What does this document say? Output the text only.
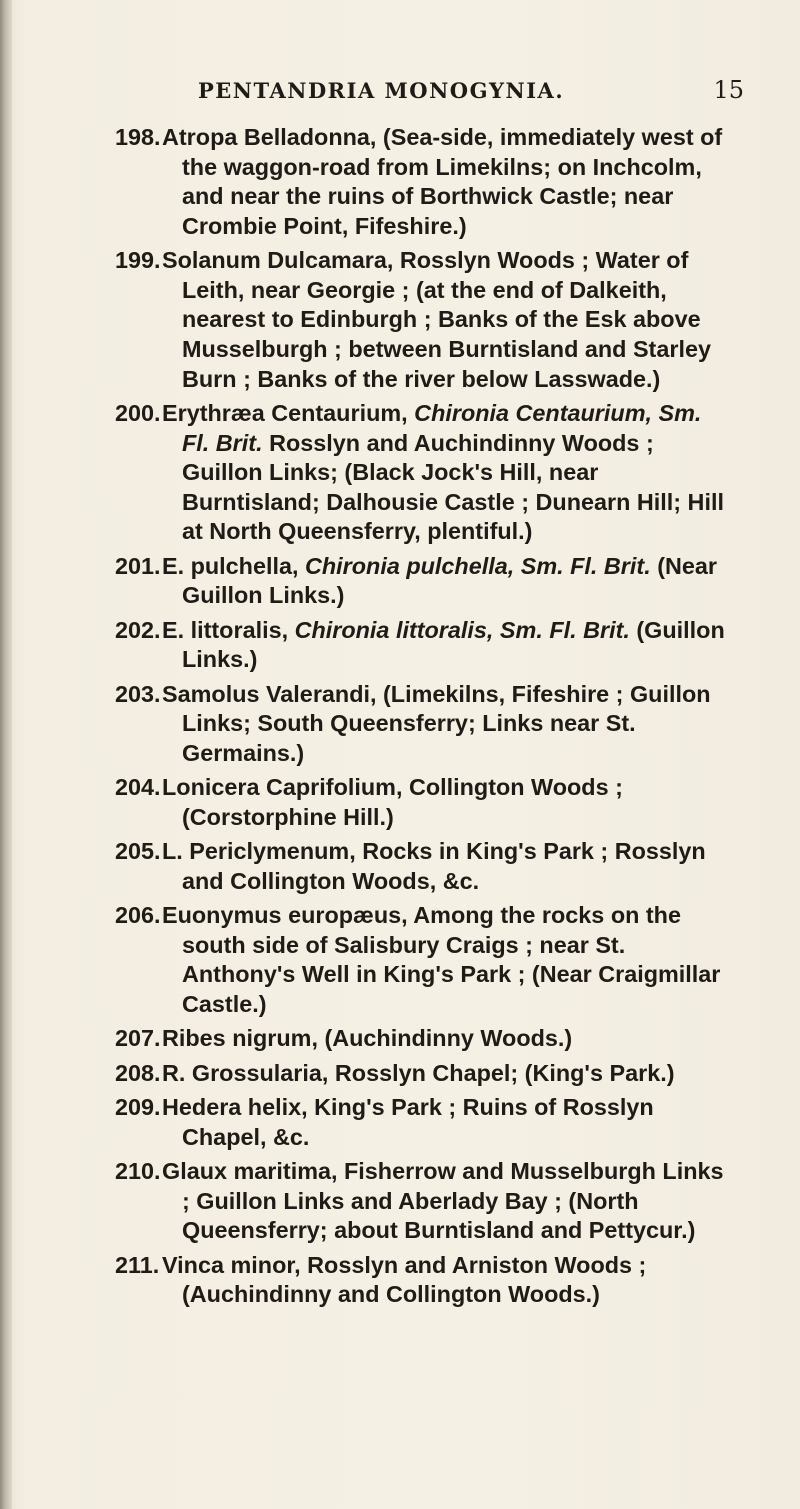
PENTANDRIA MONOGYNIA.	15
198. Atropa Belladonna, (Sea-side, immediately west of the waggon-road from Limekilns; on Inchcolm, and near the ruins of Borthwick Castle; near Crombie Point, Fifeshire.)
199. Solanum Dulcamara, Rosslyn Woods ; Water of Leith, near Georgie ; (at the end of Dalkeith, nearest to Edinburgh ; Banks of the Esk above Musselburgh ; between Burntisland and Starley Burn ; Banks of the river below Lasswade.)
200. Erythræa Centaurium, Chironia Centaurium, Sm. Fl. Brit. Rosslyn and Auchindinny Woods ; Guillon Links; (Black Jock's Hill, near Burntisland; Dalhousie Castle ; Dunearn Hill; Hill at North Queensferry, plentiful.)
201. E. pulchella, Chironia pulchella, Sm. Fl. Brit. (Near Guillon Links.)
202. E. littoralis, Chironia littoralis, Sm. Fl. Brit. (Guillon Links.)
203. Samolus Valerandi, (Limekilns, Fifeshire ; Guillon Links; South Queensferry; Links near St. Germains.)
204. Lonicera Caprifolium, Collington Woods ; (Corstorphine Hill.)
205. L. Periclymenum, Rocks in King's Park ; Rosslyn and Collington Woods, &c.
206. Euonymus europæus, Among the rocks on the south side of Salisbury Craigs ; near St. Anthony's Well in King's Park ; (Near Craigmillar Castle.)
207. Ribes nigrum, (Auchindinny Woods.)
208. R. Grossularia, Rosslyn Chapel; (King's Park.)
209. Hedera helix, King's Park ; Ruins of Rosslyn Chapel, &c.
210. Glaux maritima, Fisherrow and Musselburgh Links ; Guillon Links and Aberlady Bay ; (North Queensferry; about Burntisland and Pettycur.)
211. Vinca minor, Rosslyn and Arniston Woods ; (Auchindinny and Collington Woods.)
